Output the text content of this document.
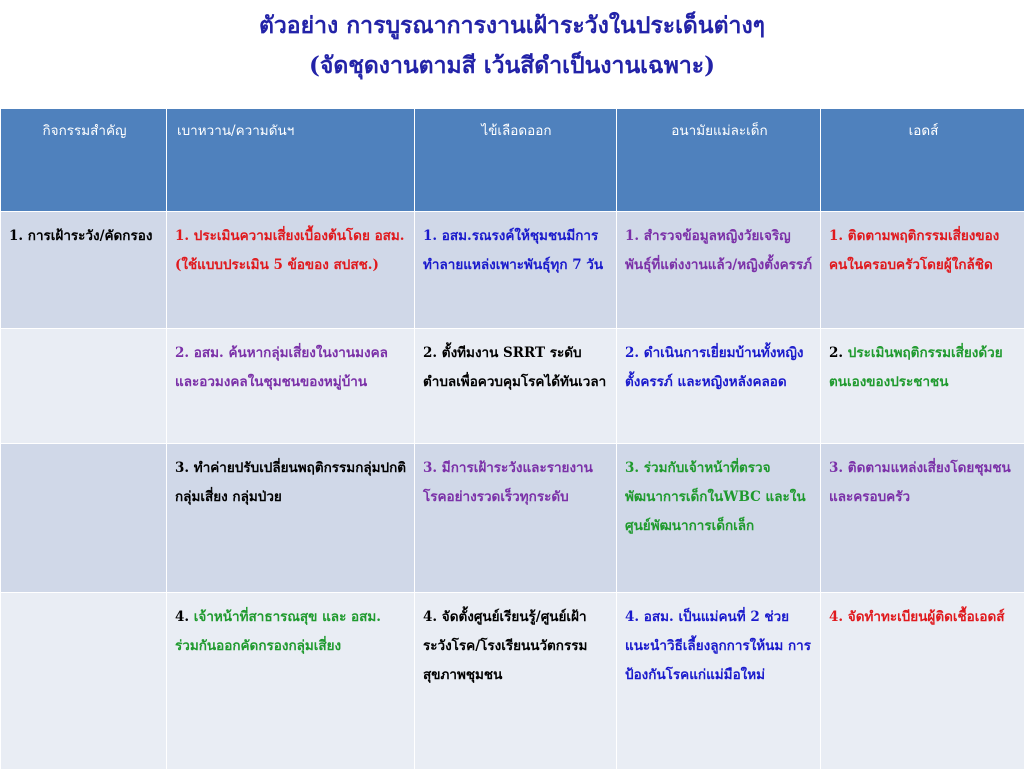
ตัวอย่าง การบูรณาการงานเฝ้าระวังในประเด็นต่างๆ
(จัดชุดงานตามสี เว้นสีดำเป็นงานเฉพาะ)
กิจกรรมสำคัญ	เบาหวาน/ความดันฯ	ไข้เลือดออก	อนามัยแม่ละเด็ก	เอดส์
1. การเฝ้าระวัง/คัดกรอง	1. ประเมินความเสี่ยงเบื้องต้นโดย อสม. (ใช้แบบประเมิน 5 ข้อของ สปสช.)	1. อสม.รณรงค์ให้ชุมชนมีการทำลายแหล่งเพาะพันธุ์ทุก 7 วัน	1. สำรวจข้อมูลหญิงวัยเจริญพันธุ์ที่แต่งงานแล้ว/หญิงตั้งครรภ์	1. ติดตามพฤติกรรมเสี่ยงของคนในครอบครัวโดยผู้ใกล้ชิด
	2. อสม. ค้นหากลุ่มเสี่ยงในงานมงคล และอวมงคลในชุมชนของหมู่บ้าน	2. ตั้งทีมงาน SRRT ระดับตำบลเพื่อควบคุมโรคได้ทันเวลา	2. ดำเนินการเยี่ยมบ้านทั้งหญิงตั้งครรภ์ และหญิงหลังคลอด	2. ประเมินพฤติกรรมเสี่ยงด้วยตนเองของประชาชน
	3. ทำค่ายปรับเปลี่ยนพฤติกรรมกลุ่มปกติ กลุ่มเสี่ยง กลุ่มป่วย	3. มีการเฝ้าระวังและรายงานโรคอย่างรวดเร็วทุกระดับ	3. ร่วมกับเจ้าหน้าที่ตรวจพัฒนาการเด็กในWBC และในศูนย์พัฒนาการเด็กเล็ก	3. ติดตามแหล่งเสี่ยงโดยชุมชนและครอบครัว
	4. เจ้าหน้าที่สาธารณสุข และ อสม. ร่วมกันออกคัดกรองกลุ่มเสี่ยง	4. จัดตั้งศูนย์เรียนรู้/ศูนย์เฝ้าระวังโรค/โรงเรียนนวัตกรรมสุขภาพชุมชน	4. อสม. เป็นแม่คนที่ 2 ช่วยแนะนำวิธีเลี้ยงลูกการให้นม การป้องกันโรคแก่แม่มือใหม่	4. จัดทำทะเบียนผู้ติดเชื้อเอดส์
